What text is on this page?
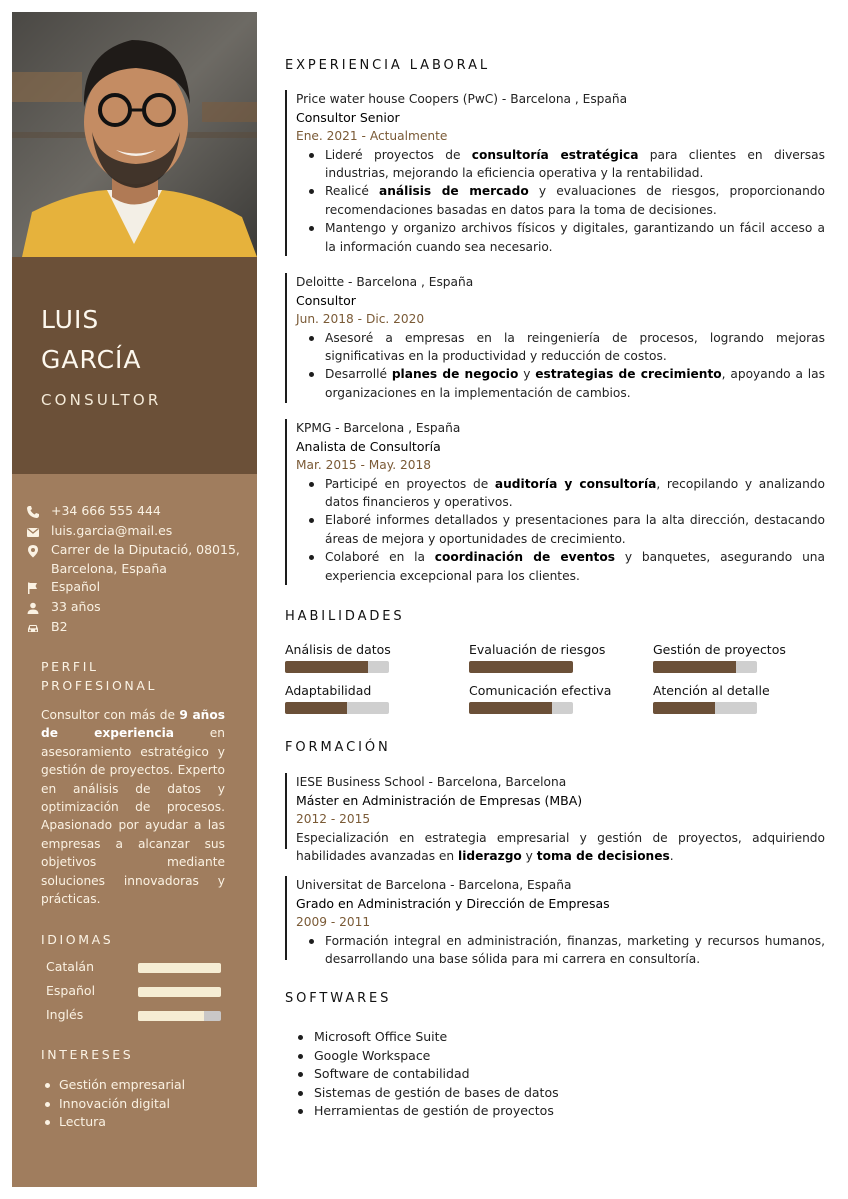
LUIS
GARCÍA
CONSULTOR
+34 666 555 444
luis.garcia@mail.es
Carrer de la Diputació, 08015,
Barcelona, España
Español
33 años
B2
PERFIL
PROFESIONAL
Consultor con más de 9 años de experiencia en asesoramiento estratégico y gestión de proyectos. Experto en análisis de datos y optimización de procesos. Apasionado por ayudar a las empresas a alcanzar sus objetivos mediante soluciones innovadoras y prácticas.
IDIOMAS
Catalán
Español
Inglés
INTERESES
Gestión empresarial
Innovación digital
Lectura
EXPERIENCIA LABORAL
Price water house Coopers (PwC) - Barcelona , España
Consultor Senior
Ene. 2021 - Actualmente
Lideré proyectos de consultoría estratégica para clientes en diversas industrias, mejorando la eficiencia operativa y la rentabilidad.
Realicé análisis de mercado y evaluaciones de riesgos, proporcionando recomendaciones basadas en datos para la toma de decisiones.
Mantengo y organizo archivos físicos y digitales, garantizando un fácil acceso a la información cuando sea necesario.
Deloitte - Barcelona , España
Consultor
Jun. 2018 - Dic. 2020
Asesoré a empresas en la reingeniería de procesos, logrando mejoras significativas en la productividad y reducción de costos.
Desarrollé planes de negocio y estrategias de crecimiento, apoyando a las organizaciones en la implementación de cambios.
KPMG - Barcelona , España
Analista de Consultoría
Mar. 2015 - May. 2018
Participé en proyectos de auditoría y consultoría, recopilando y analizando datos financieros y operativos.
Elaboré informes detallados y presentaciones para la alta dirección, destacando áreas de mejora y oportunidades de crecimiento.
Colaboré en la coordinación de eventos y banquetes, asegurando una experiencia excepcional para los clientes.
HABILIDADES
Análisis de datos	Evaluación de riesgos	Gestión de proyectos
Adaptabilidad	Comunicación efectiva	Atención al detalle
FORMACIÓN
IESE Business School - Barcelona, Barcelona
Máster en Administración de Empresas (MBA)
2012 - 2015
Especialización en estrategia empresarial y gestión de proyectos, adquiriendo habilidades avanzadas en liderazgo y toma de decisiones.
Universitat de Barcelona - Barcelona, España
Grado en Administración y Dirección de Empresas
2009 - 2011
Formación integral en administración, finanzas, marketing y recursos humanos, desarrollando una base sólida para mi carrera en consultoría.
SOFTWARES
Microsoft Office Suite
Google Workspace
Software de contabilidad
Sistemas de gestión de bases de datos
Herramientas de gestión de proyectos
